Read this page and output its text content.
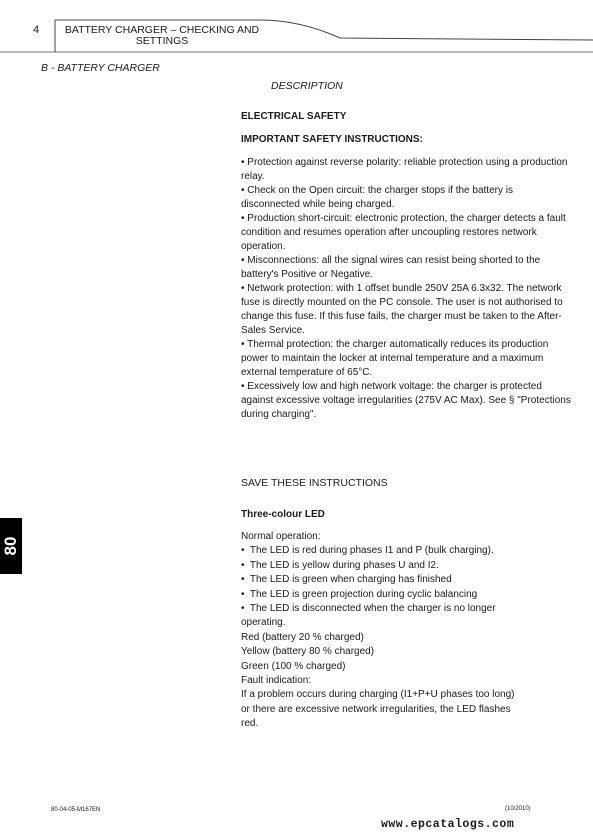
4 BATTERY CHARGER – CHECKING AND
SETTINGS
B - BATTERY CHARGER
DESCRIPTION
ELECTRICAL SAFETY
IMPORTANT SAFETY INSTRUCTIONS:

• Protection against reverse polarity: reliable protection using a production relay.

• Check on the Open circuit: the charger stops if the battery is disconnected while being charged.

• Production short-circuit: electronic protection, the charger detects a fault condition and resumes operation after uncoupling restores network operation.

• Misconnections: all the signal wires can resist being shorted to the battery's Positive or Negative.

• Network protection: with 1 offset bundle 250V 25A 6.3x32. The network fuse is directly mounted on the PC console. The user is not authorised to change this fuse. If this fuse fails, the charger must be taken to the After-Sales Service.

• Thermal protection: the charger automatically reduces its production power to maintain the locker at internal temperature and a maximum external temperature of 65°C.

• Excessively low and high network voltage: the charger is protected against excessive voltage irregularities (275V AC Max). See § "Protections during charging".

SAVE THESE INSTRUCTIONS
Three-colour LED
Normal operation:
•  The LED is red during phases I1 and P (bulk charging).
•  The LED is yellow during phases U and I2.
•  The LED is green when charging has finished
•  The LED is green projection during cyclic balancing
•  The LED is disconnected when the charger is no longer
operating.
Red (battery 20 % charged)
Yellow (battery 80 % charged)
Green (100 % charged)
Fault indication:
If a problem occurs during charging (I1+P+U phases too long)
or there are excessive network irregularities, the LED flashes
red.
80
80-04-05-M167EN	(10/2010)
www.epcatalogs.com
